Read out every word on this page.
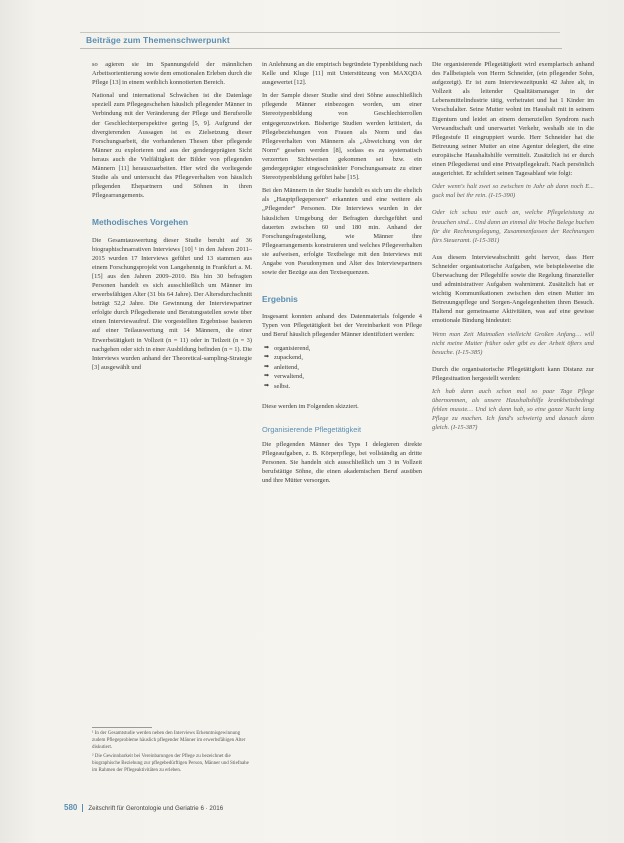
Beiträge zum Themenschwerpunkt

so agieren sie im Spannungsfeld der männlichen Arbeitsorientierung sowie dem emotionalen Erleben durch die Pflege [13] in einem weiblich konnotierten Bereich.

National und international Schwächen ist die Datenlage speziell zum Pflegegeschehen häuslich pflegender Männer in Verbindung mit der Veränderung der Pflege und Berufsrolle der Geschlechterperspektive gering [5, 9]. Aufgrund der divergierenden Aussagen ist es Zielsetzung dieser Forschungsarbeit, die vorhandenen Thesen über pflegende Männer zu explorieren und aus der gendergeprägten Sicht heraus auch die Vielfältigkeit der Bilder von pflegenden Männern [11] herauszuarbeiten. Hier wird die vorliegende Studie als und untersucht das Pflegeverhalten von häuslich pflegenden Ehepartnern und Söhnen in ihren Pflegearrangements.

Methodisches Vorgehen

Die Gesamtauswertung dieser Studie beruht auf 36 biographischnarrativen Interviews [10] ¹ in den Jahren 2011–2015 wurden 17 Interviews geführt und 13 stammen aus einem Forschungsprojekt von Langehennig in Frankfurt a. M. [15] aus den Jahren 2009–2010. Bis hin 30 befragten Personen handelt es sich ausschließlich um Männer im erwerbsfähigen Alter (31 bis 64 Jahre). Der Altersdurchschnitt beträgt 52,2 Jahre. Die Gewinnung der Interviewpartner erfolgte durch Pflegedienste und Beratungsstellen sowie über einen Interviewaufruf. Die vorgestellten Ergebnisse basieren auf einer Teilauswertung mit 14 Männern, die einer Erwerbstätigkeit in Vollzeit (n = 11) oder in Teilzeit (n = 3) nachgehen oder sich in einer Ausbildung befinden (n = 1). Die Interviews wurden anhand der Theoretical-sampling-Strategie [3] ausgewählt und

in Anlehnung an die empirisch begründete Typenbildung nach Kelle und Kluge [11] mit Unterstützung von MAXQDA ausgewertet [12].

In der Sample dieser Studie sind drei Söhne ausschließlich pflegende Männer einbezogen worden, um einer Stereotypenbildung von Geschlechterrollen entgegenzuwirken. Bisherige Studien werden kritisiert, da Pflegebeziehungen von Frauen als Norm und das Pflegeverhalten von Männern als „Abweichung von der Norm“ gesehen werden [8], sodass es zu systematisch verzerrten Sichtweisen gekommen sei bzw. ein gendergeprägter eingeschränkter Forschungsansatz zu einer Stereotypenbildung geführt habe [15].

Bei den Männern in der Studie handelt es sich um die ehelich als „Hauptpflegeperson“ erkannten und eine weitere als „Pflegender“ Personen. Die Interviews wurden in der häuslichen Umgebung der Befragten durchgeführt und dauerten zwischen 60 und 180 min. Anhand der Forschungsfragestellung, wie Männer ihre Pflegearrangements konstruieren und welches Pflegeverhalten sie aufweisen, erfolgte Textbelege mit den Interviews mit Angabe von Pseudonymen und Alter des Interviewpartners sowie der Bezüge aus den Textsequenzen.

Ergebnis

Insgesamt konnten anhand des Datenmaterials folgende 4 Typen von Pflegetätigkeit bei der Vereinbarkeit von Pflege und Beruf häuslich pflegender Männer identifiziert werden:

➡ organisierend,
➡ zupackend,
➡ anleitend,
➡ verwaltend,
➡ selbst.

Diese werden im Folgenden skizziert.

Organisierende Pflegetätigkeit

Die pflegenden Männer des Typs I delegieren direkte Pflegeaufgaben, z. B. Körperpflege, bei vollständig an dritte Personen. Sie handeln sich ausschließlich um 3 in Vollzeit berufstätige Söhne, die einen akademischen Beruf ausüben und ihre Mütter versorgen.

Die organisierende Pflegetätigkeit wird exemplarisch anhand des Fallbeispiels von Herrn Schneider, (ein pflegender Sohn, aufgezeigt). Er ist zum Interviewzeitpunkt 42 Jahre alt, in Vollzeit als leitender Qualitätsmanager in der Lebensmittelindustrie tätig, verheiratet und hat 1 Kinder im Vorschulalter. Seine Mutter wohnt im Haushalt mit in seinem Eigentum und leidet an einem demenziellen Syndrom nach Verwandtschaft und unerwartet Verkehr, weshalb sie in die Pflegestufe II eingruppiert wurde. Herr Schneider hat die Betreuung seiner Mutter an eine Agentur delegiert, die eine europäische Haushaltshilfe vermittelt. Zusätzlich ist er durch einen Pflegedienst und eine Privatpflegekraft. Nach persönlich ausgerichtet. Er schildert seinen Tagesablauf wie folgt:

Oder wenn's halt zwei so zwischen in Jahr ab dann noch E... guck mal bei ihr rein. (I-15-390)

Oder ich schau mir auch an, welche Pflegeleistung zu brauchen sind... Und dann an einmal die Woche Belege buchen für die Rechnungslegung, Zusammenfassen der Rechnungen fürs Steueramt. (I-15-381)

Aus diesem Interviewabschnitt geht hervor, dass Herr Schneider organisatorische Aufgaben, wie beispielsweise die Überwachung der Pflegehilfe sowie die Regelung finanzieller und administrativer Aufgaben wahrnimmt. Zusätzlich hat er wichtig Kommunikationen zwischen den einen Mutter im Betreuungspflege und Sorgen-Angelegenheiten ihren Besuch. Haltend nur gemeinsame Aktivitäten, was auf eine gewisse emotionale Bindung hindeutet:

Wenn man Zeit Mutmaßen vielleicht Großen Anfang… will nicht meine Mutter früher oder gibt es der Arbeit öfters und besuche. (I-15-385)

Durch die organisatorische Pflegetätigkeit kann Distanz zur Pflegesituation hergestellt werden:

Ich hab dann auch schon mal so paar Tage Pflege übernommen, als unsere Haushaltshilfe krankheitsbedingt fehlen musste… Und ich dann hab, so eine ganze Nacht lang Pflege zu machen. Ich fand's schwierig und danach dann gleich. (I-15-387)

¹ In der Gesamtstudie werden neben den Interviews Erkenntnisgewinnung zudem Pflegeprobleme häuslich pflegender Männer im erwerbsfähigen Alter diskutiert.

² Die Gewinnbarkeit bei Vereinbarungen der Pflege zu bezeichnet die biographische Beziehung zur pflegebedürftigen Person, Männer und Stiefnahe im Rahmen der Pflegeaktivitäten zu erleben.

580 Zeitschrift für Gerontologie und Geriatrie 6 · 2016
